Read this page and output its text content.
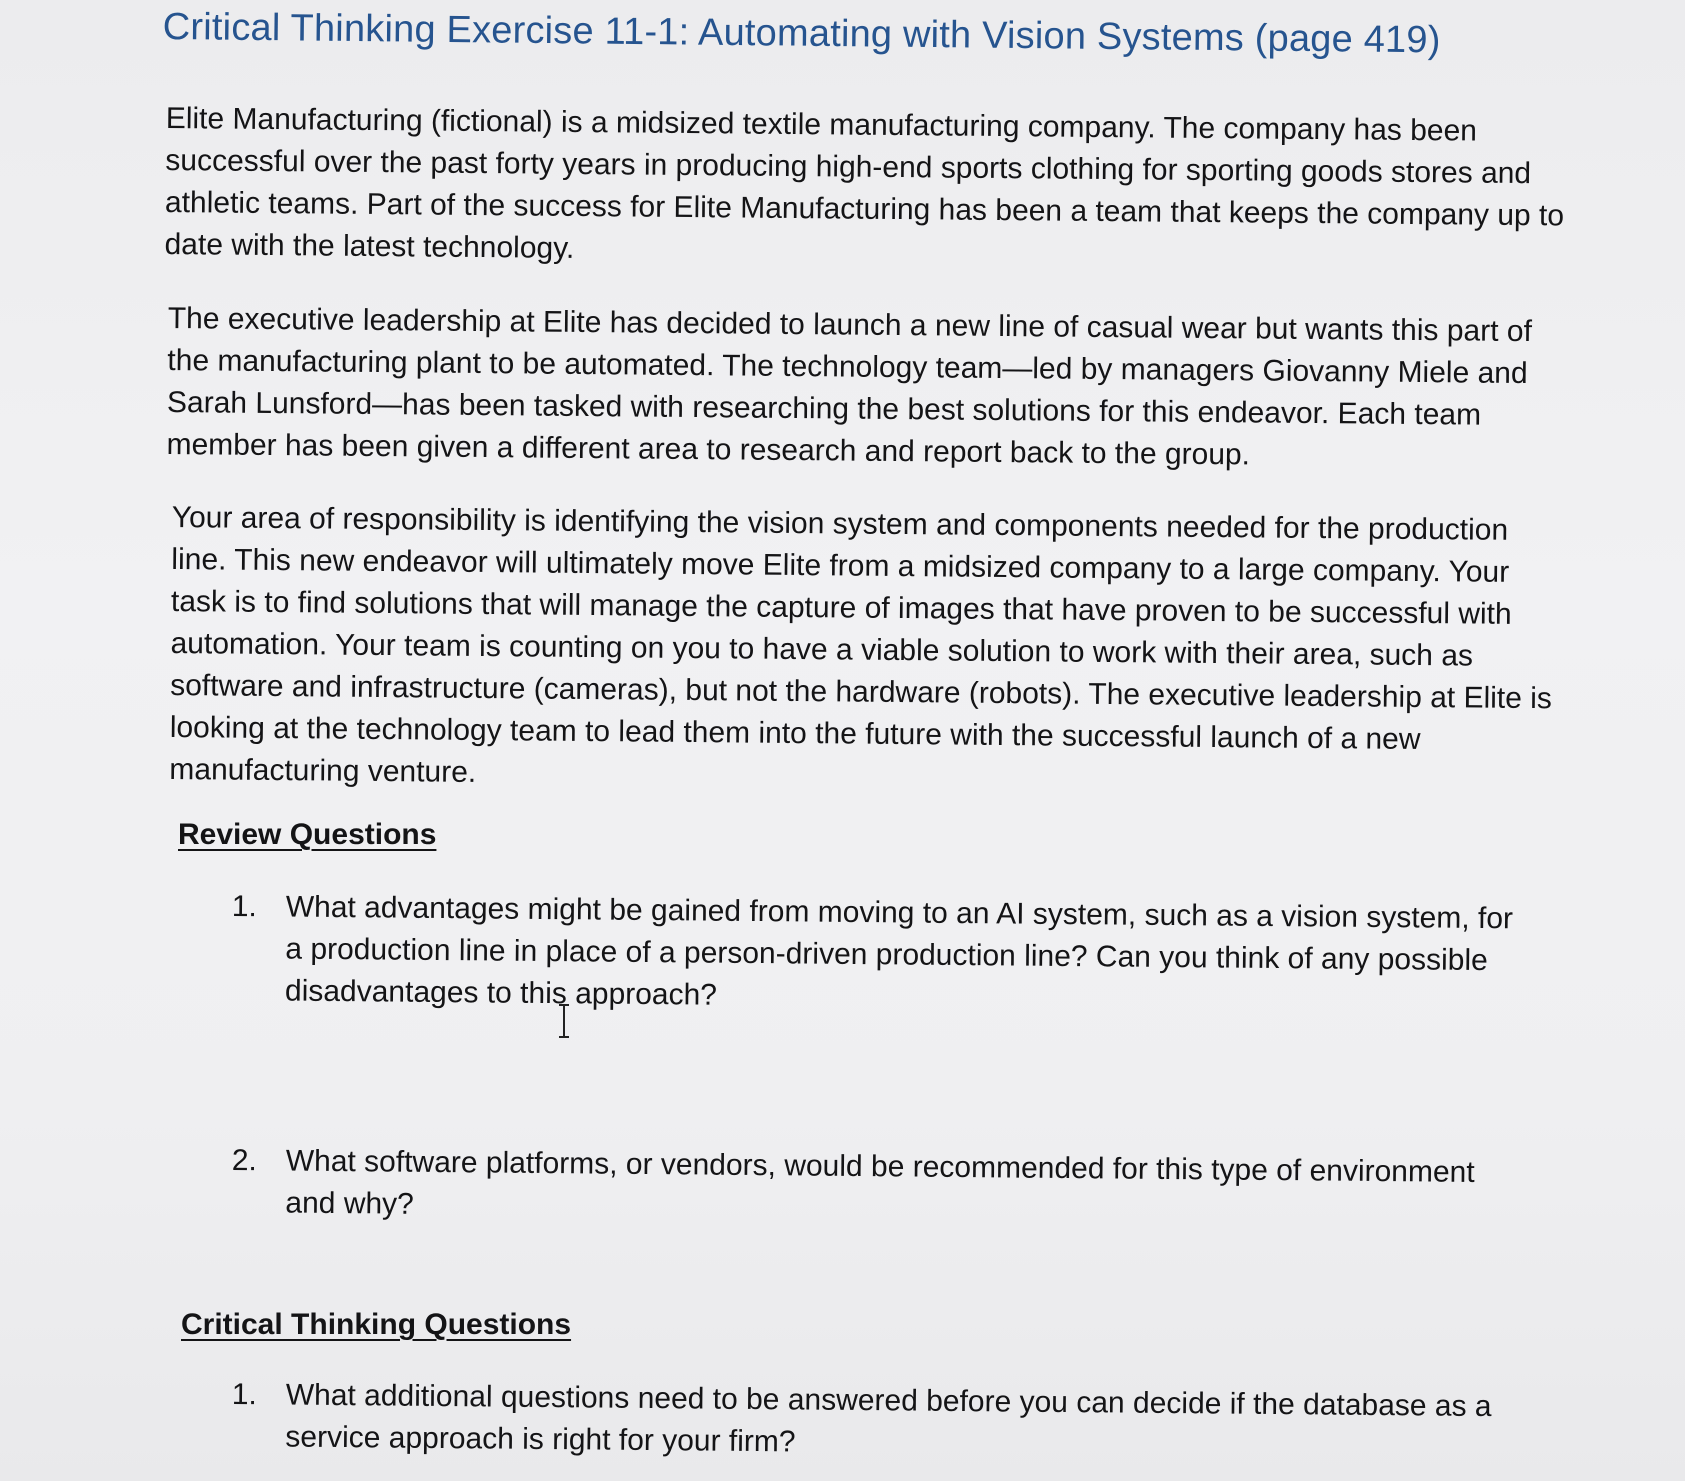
Critical Thinking Exercise 11-1: Automating with Vision Systems (page 419)

Elite Manufacturing (fictional) is a midsized textile manufacturing company. The company has been successful over the past forty years in producing high-end sports clothing for sporting goods stores and athletic teams. Part of the success for Elite Manufacturing has been a team that keeps the company up to date with the latest technology.

The executive leadership at Elite has decided to launch a new line of casual wear but wants this part of the manufacturing plant to be automated. The technology team—led by managers Giovanny Miele and Sarah Lunsford—has been tasked with researching the best solutions for this endeavor. Each team member has been given a different area to research and report back to the group.

Your area of responsibility is identifying the vision system and components needed for the production line. This new endeavor will ultimately move Elite from a midsized company to a large company. Your task is to find solutions that will manage the capture of images that have proven to be successful with automation. Your team is counting on you to have a viable solution to work with their area, such as software and infrastructure (cameras), but not the hardware (robots). The executive leadership at Elite is looking at the technology team to lead them into the future with the successful launch of a new manufacturing venture.

Review Questions
1. What advantages might be gained from moving to an AI system, such as a vision system, for a production line in place of a person-driven production line? Can you think of any possible disadvantages to this approach?
2. What software platforms, or vendors, would be recommended for this type of environment and why?
Critical Thinking Questions
1. What additional questions need to be answered before you can decide if the database as a service approach is right for your firm?
